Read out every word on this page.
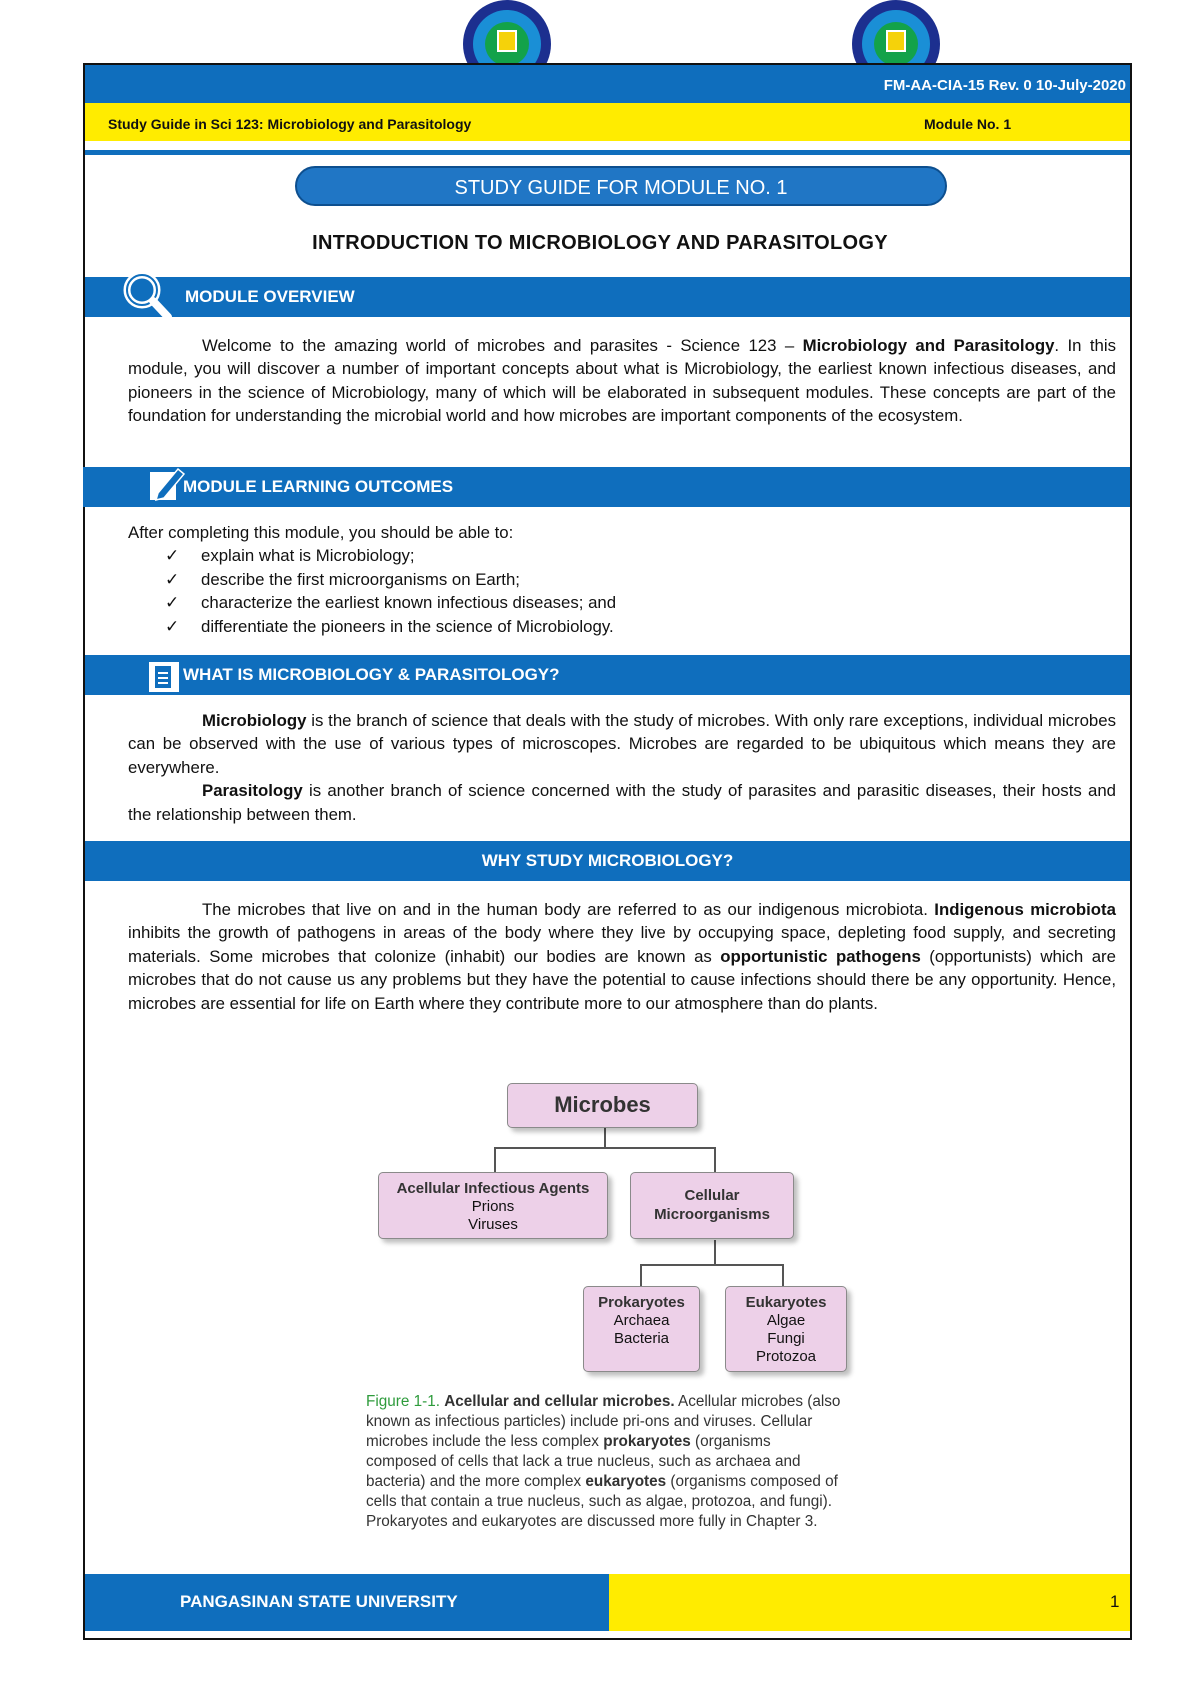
FM-AA-CIA-15 Rev. 0 10-July-2020
Study Guide in Sci 123: Microbiology and Parasitology	Module No. 1
STUDY GUIDE FOR MODULE NO. 1
INTRODUCTION TO MICROBIOLOGY AND PARASITOLOGY
MODULE OVERVIEW
Welcome to the amazing world of microbes and parasites - Science 123 – Microbiology and Parasitology. In this module, you will discover a number of important concepts about what is Microbiology, the earliest known infectious diseases, and pioneers in the science of Microbiology, many of which will be elaborated in subsequent modules. These concepts are part of the foundation for understanding the microbial world and how microbes are important components of the ecosystem.
MODULE LEARNING OUTCOMES
After completing this module, you should be able to:
✓ explain what is Microbiology;
✓ describe the first microorganisms on Earth;
✓ characterize the earliest known infectious diseases; and
✓ differentiate the pioneers in the science of Microbiology.
WHAT IS MICROBIOLOGY & PARASITOLOGY?
Microbiology is the branch of science that deals with the study of microbes. With only rare exceptions, individual microbes can be observed with the use of various types of microscopes. Microbes are regarded to be ubiquitous which means they are everywhere.
Parasitology is another branch of science concerned with the study of parasites and parasitic diseases, their hosts and the relationship between them.
WHY STUDY MICROBIOLOGY?
The microbes that live on and in the human body are referred to as our indigenous microbiota. Indigenous microbiota inhibits the growth of pathogens in areas of the body where they live by occupying space, depleting food supply, and secreting materials. Some microbes that colonize (inhabit) our bodies are known as opportunistic pathogens (opportunists) which are microbes that do not cause us any problems but they have the potential to cause infections should there be any opportunity. Hence, microbes are essential for life on Earth where they contribute more to our atmosphere than do plants.
Microbes
Acellular Infectious Agents
Prions
Viruses
Cellular Microorganisms
Prokaryotes
Archaea
Bacteria
Eukaryotes
Algae
Fungi
Protozoa
Figure 1-1. Acellular and cellular microbes. Acellular microbes (also known as infectious particles) include pri-ons and viruses. Cellular microbes include the less complex prokaryotes (organisms composed of cells that lack a true nucleus, such as archaea and bacteria) and the more complex eukaryotes (organisms composed of cells that contain a true nucleus, such as algae, protozoa, and fungi). Prokaryotes and eukaryotes are discussed more fully in Chapter 3.
PANGASINAN STATE UNIVERSITY	1
